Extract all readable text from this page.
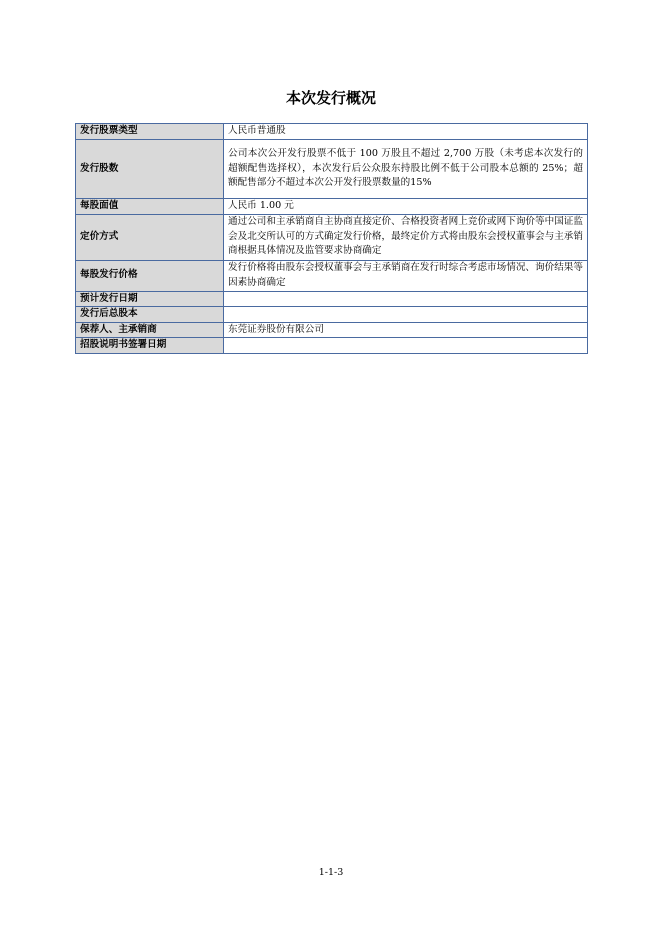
本次发行概况
发行股票类型	人民币普通股
发行股数	公司本次公开发行股票不低于 100 万股且不超过 2,700 万股（未考虑本次发行的超额配售选择权），本次发行后公众股东持股比例不低于公司股本总额的 25%；超额配售部分不超过本次公开发行股票数量的15%
每股面值	人民币 1.00 元
定价方式	通过公司和主承销商自主协商直接定价、合格投资者网上竞价或网下询价等中国证监会及北交所认可的方式确定发行价格，最终定价方式将由股东会授权董事会与主承销商根据具体情况及监管要求协商确定
每股发行价格	发行价格将由股东会授权董事会与主承销商在发行时综合考虑市场情况、询价结果等因素协商确定
预计发行日期	
发行后总股本	
保荐人、主承销商	东莞证券股份有限公司
招股说明书签署日期	
1-1-3
